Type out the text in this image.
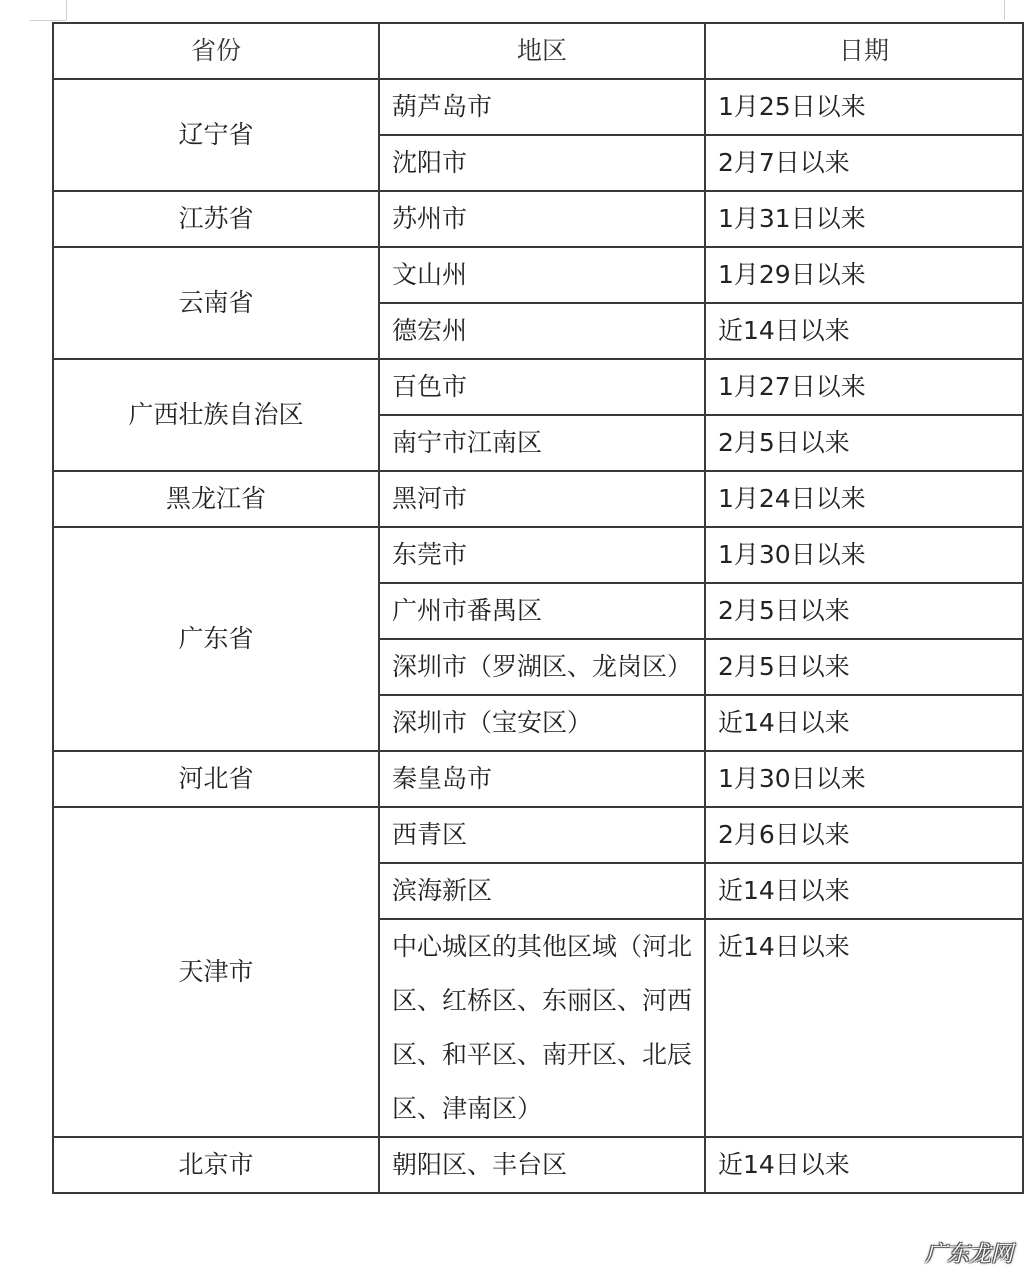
省份	地区	日期
辽宁省	葫芦岛市	1月25日以来
	沈阳市	2月7日以来
江苏省	苏州市	1月31日以来
云南省	文山州	1月29日以来
	德宏州	近14日以来
广西壮族自治区	百色市	1月27日以来
	南宁市江南区	2月5日以来
黑龙江省	黑河市	1月24日以来
广东省	东莞市	1月30日以来
	广州市番禺区	2月5日以来
	深圳市（罗湖区、龙岗区）	2月5日以来
	深圳市（宝安区）	近14日以来
河北省	秦皇岛市	1月30日以来
天津市	西青区	2月6日以来
	滨海新区	近14日以来
	中心城区的其他区域（河北区、红桥区、东丽区、河西区、和平区、南开区、北辰区、津南区）	近14日以来
北京市	朝阳区、丰台区	近14日以来
广东龙网
